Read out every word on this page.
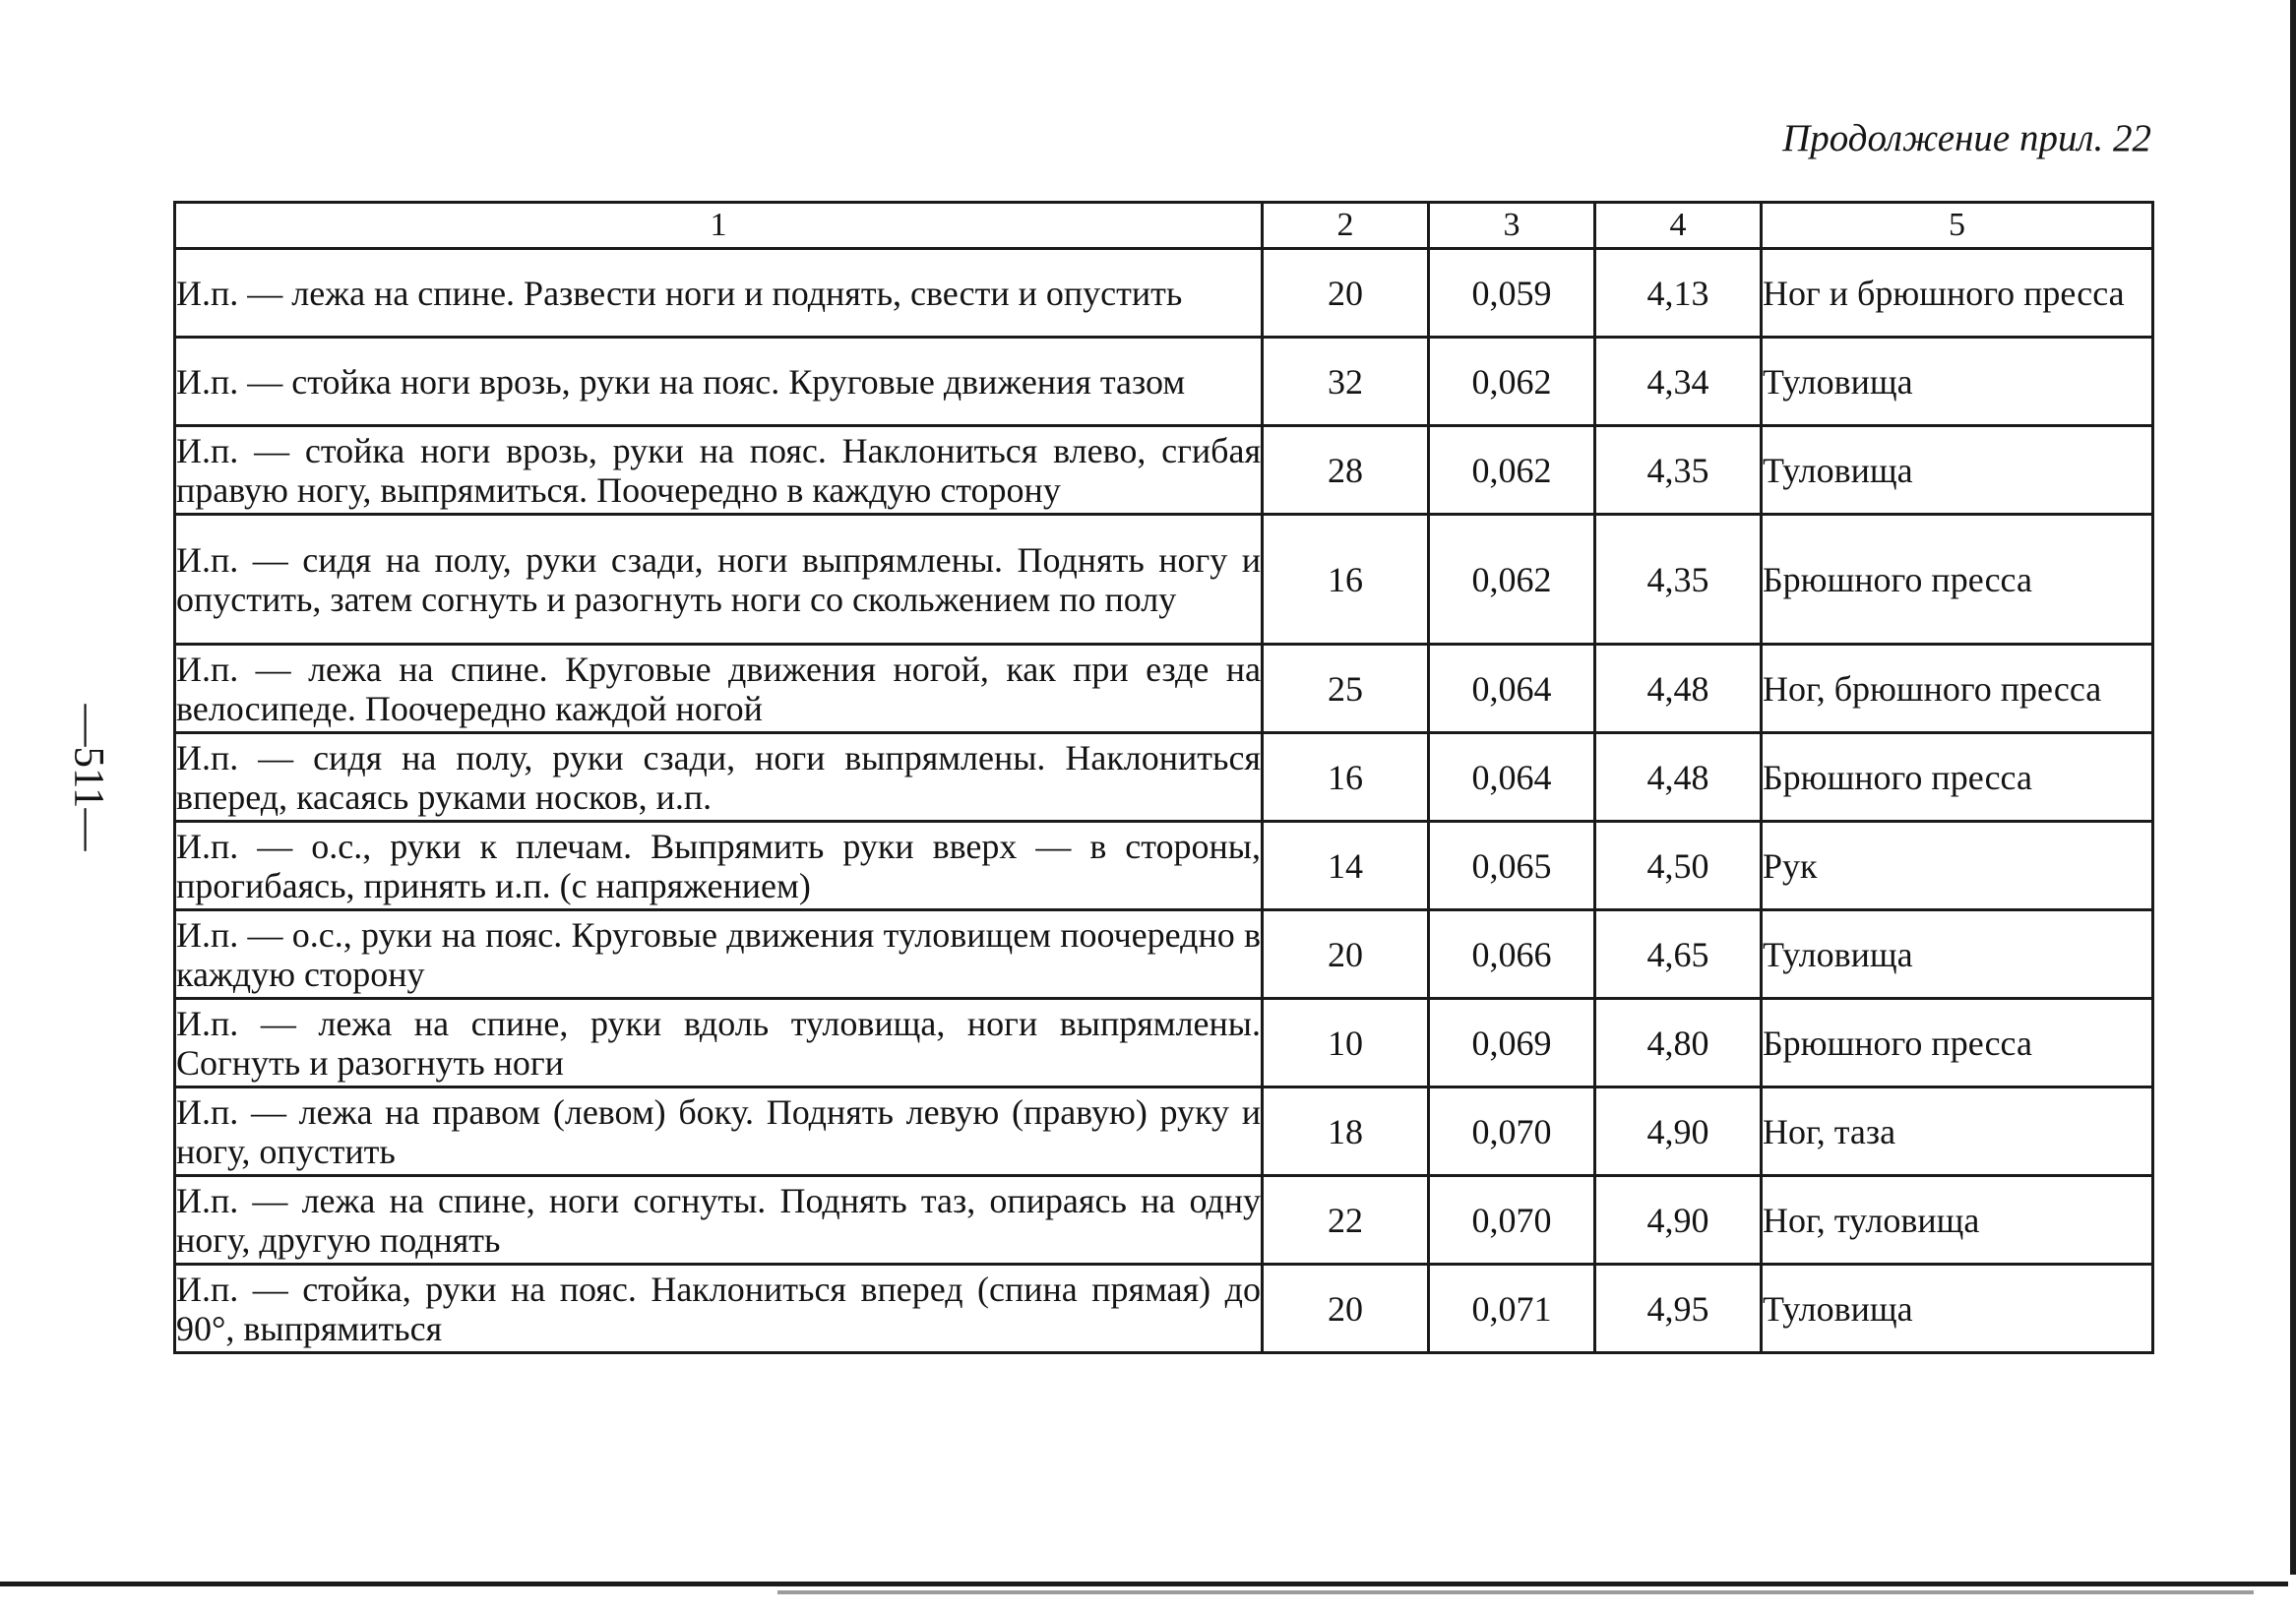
Продолжение прил. 22
—511—
1	2	3	4	5
И.п. — лежа на спине. Развести ноги и поднять, свести и опустить	20	0,059	4,13	Ног и брюшного пресса
И.п. — стойка ноги врозь, руки на пояс. Круговые движения тазом	32	0,062	4,34	Туловища
И.п. — стойка ноги врозь, руки на пояс. Наклониться влево, сгибая правую ногу, выпрямиться. Поочередно в каждую сторону	28	0,062	4,35	Туловища
И.п. — сидя на полу, руки сзади, ноги выпрямлены. Поднять ногу и опустить, затем согнуть и разогнуть ноги со скольжением по полу	16	0,062	4,35	Брюшного пресса
И.п. — лежа на спине. Круговые движения ногой, как при езде на велосипеде. Поочередно каждой ногой	25	0,064	4,48	Ног, брюшного пресса
И.п. — сидя на полу, руки сзади, ноги выпрямлены. Наклониться вперед, касаясь руками носков, и.п.	16	0,064	4,48	Брюшного пресса
И.п. — о.с., руки к плечам. Выпрямить руки вверх — в стороны, прогибаясь, принять и.п. (с напряжением)	14	0,065	4,50	Рук
И.п. — о.с., руки на пояс. Круговые движения туловищем поочередно в каждую сторону	20	0,066	4,65	Туловища
И.п. — лежа на спине, руки вдоль туловища, ноги выпрямлены. Согнуть и разогнуть ноги	10	0,069	4,80	Брюшного пресса
И.п. — лежа на правом (левом) боку. Поднять левую (правую) руку и ногу, опустить	18	0,070	4,90	Ног, таза
И.п. — лежа на спине, ноги согнуты. Поднять таз, опираясь на одну ногу, другую поднять	22	0,070	4,90	Ног, туловища
И.п. — стойка, руки на пояс. Наклониться вперед (спина прямая) до 90°, выпрямиться	20	0,071	4,95	Туловища
